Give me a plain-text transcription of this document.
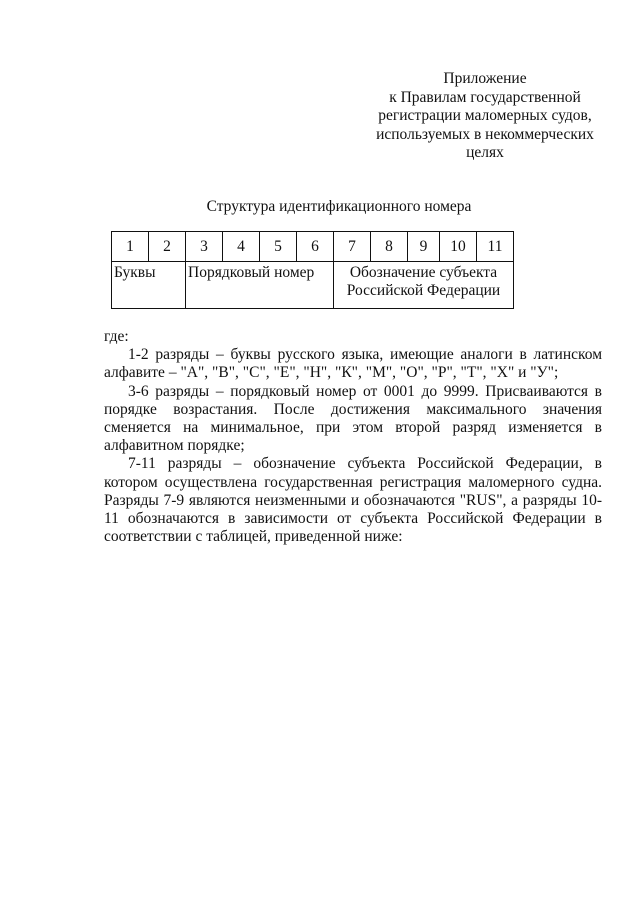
Приложение
к Правилам государственной
регистрации маломерных судов,
используемых в некоммерческих
целях
Структура идентификационного номера
1	2	3	4	5	6	7	8	9	10	11
Буквы		Порядковый номер				Обозначение субъекта
Российской Федерации				

где:

1-2 разряды – буквы русского языка, имеющие аналоги в латинском алфавите – "А", "В", "С", "Е", "Н", "К", "М", "О", "Р", "Т", "Х" и "У";

3-6 разряды – порядковый номер от 0001 до 9999. Присваиваются в порядке возрастания. После достижения максимального значения сменяется на минимальное, при этом второй разряд изменяется в алфавитном порядке;

7-11 разряды – обозначение субъекта Российской Федерации, в котором осуществлена государственная регистрация маломерного судна. Разряды 7-9 являются неизменными и обозначаются "RUS", а разряды 10-11 обозначаются в зависимости от субъекта Российской Федерации в соответствии с таблицей, приведенной ниже:
